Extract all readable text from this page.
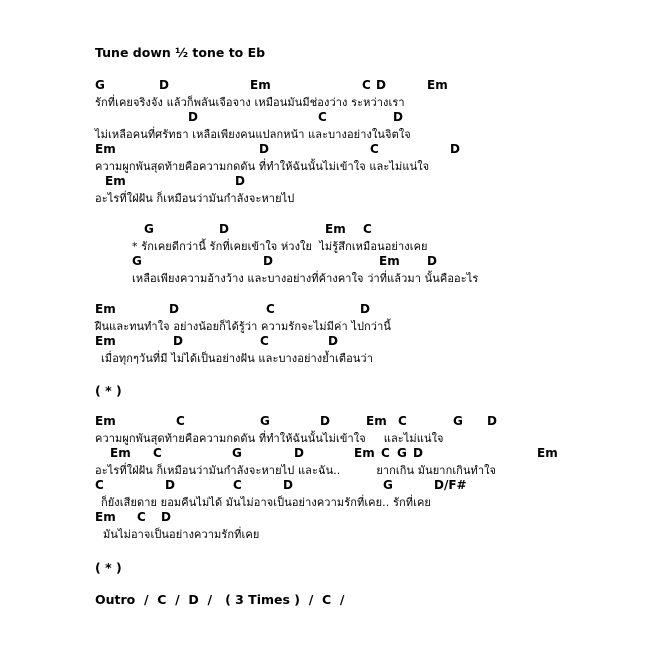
Tune down ½ tone to Eb

G	D	Em	C D	Em
รักที่เคยจริงจัง แล้วก็พลันเจือจาง เหมือนมันมีช่องว่าง ระหว่างเรา
D	C	D
ไม่เหลือคนที่ศรัทธา เหลือเพียงคนแปลกหน้า และบางอย่างในจิตใจ
Em	D	C	D
ความผูกพันสุดท้ายคือความกดดัน ที่ทำให้ฉันนั้นไม่เข้าใจ และไม่แน่ใจ
Em	D
อะไรที่ใฝ่ฝัน ก็เหมือนว่ามันกำลังจะหายไป
G	D	Em C
* รักเคยดีกว่านี้ รักที่เคยเข้าใจ ห่วงใย  ไม่รู้สึกเหมือนอย่างเคย
G	D	Em D
เหลือเพียงความอ้างว้าง และบางอย่างที่ค้างคาใจ ว่าที่แล้วมา นั้นคืออะไร
Em	D	C	D
ฝืนและทนทำใจ อย่างน้อยก็ได้รู้ว่า ความรักจะไม่มีค่า ไปกว่านี้
Em	D	C	D
เมื่อทุกๆวันที่มี ไม่ได้เป็นอย่างฝัน และบางอย่างย้ำเตือนว่า
( * )
Em	C	G	D	Em C	G D
ความผูกพันสุดท้ายคือความกดดัน ที่ทำให้ฉันนั้นไม่เข้าใจ     และไม่แน่ใจ
Em C	G	D	Em C G D	Em
อะไรที่ใฝ่ฝัน ก็เหมือนว่ามันกำลังจะหายไป และฉัน..          ยากเกิน มันยากเกินทำใจ
C	D	C	D	G	D/F#
ก็ยังเสียดาย ยอมคืนไม่ได้ มันไม่อาจเป็นอย่างความรักที่เคย.. รักที่เคย
Em C D
มันไม่อาจเป็นอย่างความรักที่เคย
( * )
Outro  /  C  /  D  /   ( 3 Times )  /  C  /
